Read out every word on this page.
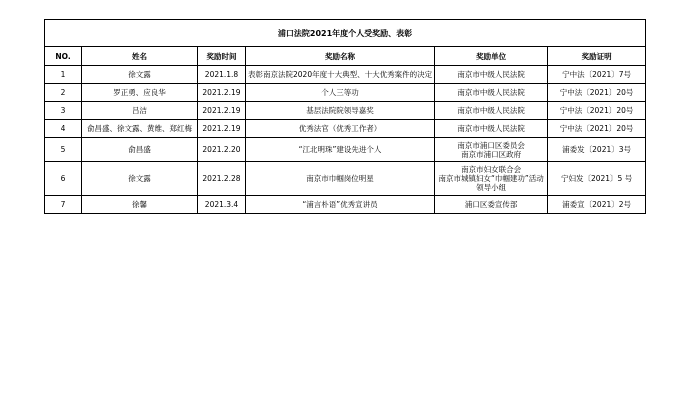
浦口法院2021年度个人受奖励、表彰					
NO.	姓名	奖励时间	奖励名称	奖励单位	奖励证明
1	徐文露	2021.1.8	表彰南京法院2020年度十大典型、十大优秀案件的决定	南京市中级人民法院	宁中法〔2021〕7号
2	罗正勇、应良华	2021.2.19	个人三等功	南京市中级人民法院	宁中法〔2021〕20号
3	吕洁	2021.2.19	基层法院院领导嘉奖	南京市中级人民法院	宁中法〔2021〕20号
4	俞昌盛、徐文露、黄维、郑红梅	2021.2.19	优秀法官（优秀工作者）	南京市中级人民法院	宁中法〔2021〕20号
5	俞昌盛	2021.2.20	“江北明珠”建设先进个人	南京市浦口区委员会
南京市浦口区政府	浦委发〔2021〕3号
6	徐文露	2021.2.28	南京市巾帼岗位明星	南京市妇女联合会
南京市城镇妇女“巾帼建功”活动领导小组	宁妇发〔2021〕5 号
7	徐馨	2021.3.4	“浦言朴语”优秀宣讲员	浦口区委宣传部	浦委宣〔2021〕2号
